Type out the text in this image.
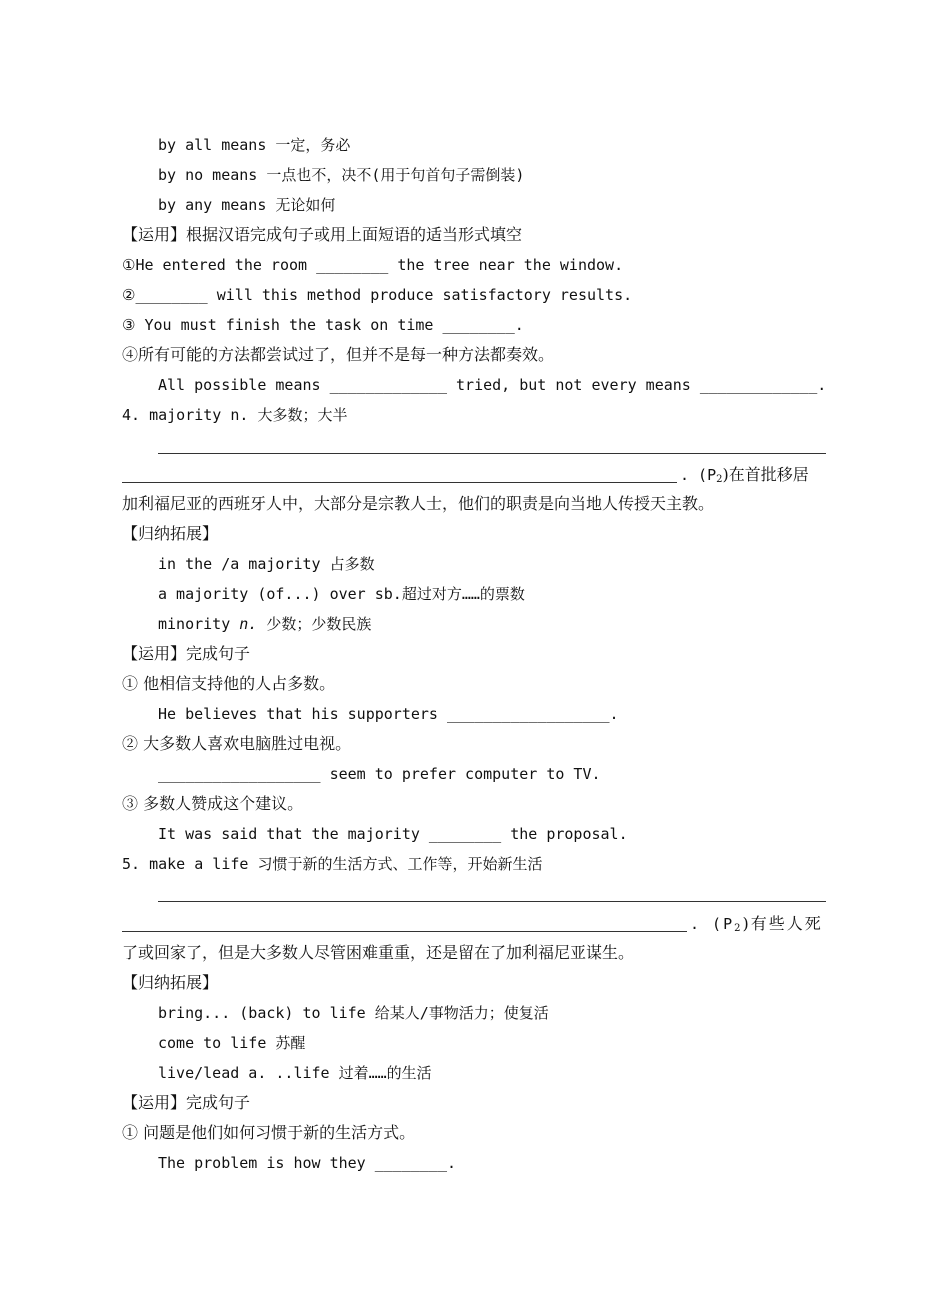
by all means 一定，务必
by no means 一点也不，决不(用于句首句子需倒装)
by any means 无论如何
【运用】根据汉语完成句子或用上面短语的适当形式填空
①He entered the room ________ the tree near the window.
②________ will this method produce satisfactory results.
③ You must finish the task on time ________.
④所有可能的方法都尝试过了，但并不是每一种方法都奏效。
All possible means _____________ tried, but not every means _____________.
4. majority n. 大多数；大半
. $(P_2)$在首批移居
加利福尼亚的西班牙人中，大部分是宗教人士，他们的职责是向当地人传授天主教。
【归纳拓展】
in the /a majority 占多数
a majority (of...) over sb.超过对方……的票数
minority n. 少数；少数民族
【运用】完成句子
① 他相信支持他的人占多数。
He believes that his supporters __________________.
② 大多数人喜欢电脑胜过电视。
__________________ seem to prefer computer to TV.
③ 多数人赞成这个建议。
It was said that the majority ________ the proposal.
5. make a life 习惯于新的生活方式、工作等，开始新生活
. $(P_2)$有些人死
了或回家了，但是大多数人尽管困难重重，还是留在了加利福尼亚谋生。
【归纳拓展】
bring... (back) to life 给某人/事物活力；使复活
come to life 苏醒
live/lead a. ..life 过着……的生活
【运用】完成句子
① 问题是他们如何习惯于新的生活方式。
The problem is how they ________.
